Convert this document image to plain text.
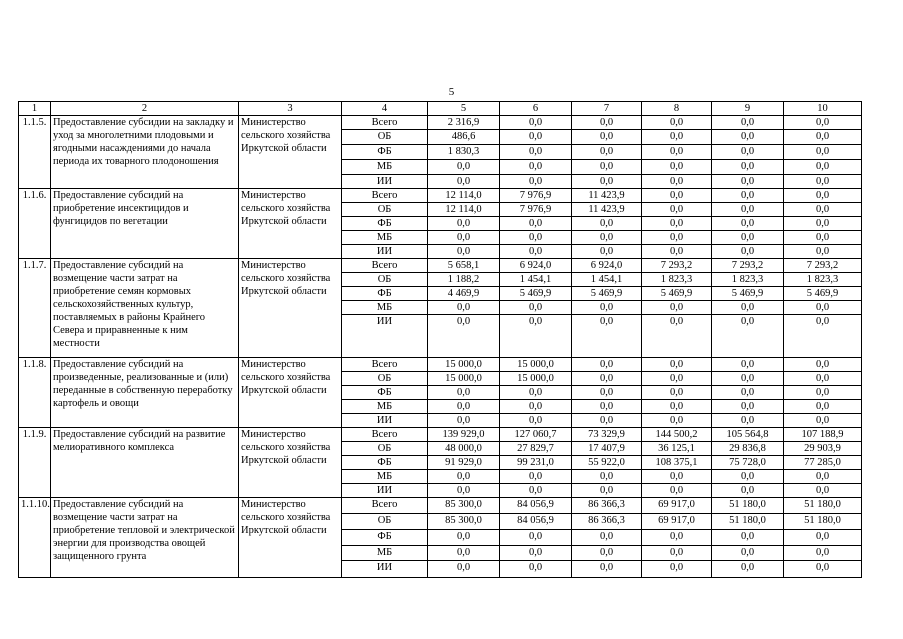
5
1	2	3	4	5	6	7	8	9	10
1.1.5.	Предоставление субсидии на закладку и уход за многолетними плодовыми и ягодными насаждениями до начала периода их товарного плодоношения	Министерство сельского хозяйства Иркутской области	Всего	2 316,9	0,0	0,0	0,0	0,0	0,0
			ОБ	486,6	0,0	0,0	0,0	0,0	0,0
			ФБ	1 830,3	0,0	0,0	0,0	0,0	0,0
			МБ	0,0	0,0	0,0	0,0	0,0	0,0
			ИИ	0,0	0,0	0,0	0,0	0,0	0,0
1.1.6.	Предоставление субсидий на приобретение инсектицидов и фунгицидов по вегетации	Министерство сельского хозяйства Иркутской области	Всего	12 114,0	7 976,9	11 423,9	0,0	0,0	0,0
			ОБ	12 114,0	7 976,9	11 423,9	0,0	0,0	0,0
			ФБ	0,0	0,0	0,0	0,0	0,0	0,0
			МБ	0,0	0,0	0,0	0,0	0,0	0,0
			ИИ	0,0	0,0	0,0	0,0	0,0	0,0
1.1.7.	Предоставление субсидий на возмещение части затрат на приобретение семян кормовых сельскохозяйственных культур, поставляемых в районы Крайнего Севера и приравненные к ним местности	Министерство сельского хозяйства Иркутской области	Всего	5 658,1	6 924,0	6 924,0	7 293,2	7 293,2	7 293,2
			ОБ	1 188,2	1 454,1	1 454,1	1 823,3	1 823,3	1 823,3
			ФБ	4 469,9	5 469,9	5 469,9	5 469,9	5 469,9	5 469,9
			МБ	0,0	0,0	0,0	0,0	0,0	0,0
			ИИ	0,0	0,0	0,0	0,0	0,0	0,0
1.1.8.	Предоставление субсидий на произведенные, реализованные и (или) переданные в собственную переработку картофель и овощи	Министерство сельского хозяйства Иркутской области	Всего	15 000,0	15 000,0	0,0	0,0	0,0	0,0
			ОБ	15 000,0	15 000,0	0,0	0,0	0,0	0,0
			ФБ	0,0	0,0	0,0	0,0	0,0	0,0
			МБ	0,0	0,0	0,0	0,0	0,0	0,0
			ИИ	0,0	0,0	0,0	0,0	0,0	0,0
1.1.9.	Предоставление субсидий на развитие мелиоративного комплекса	Министерство сельского хозяйства Иркутской области	Всего	139 929,0	127 060,7	73 329,9	144 500,2	105 564,8	107 188,9
			ОБ	48 000,0	27 829,7	17 407,9	36 125,1	29 836,8	29 903,9
			ФБ	91 929,0	99 231,0	55 922,0	108 375,1	75 728,0	77 285,0
			МБ	0,0	0,0	0,0	0,0	0,0	0,0
			ИИ	0,0	0,0	0,0	0,0	0,0	0,0
1.1.10.	Предоставление субсидий на возмещение части затрат на приобретение тепловой и электрической энергии для производства овощей защищенного грунта	Министерство сельского хозяйства Иркутской области	Всего	85 300,0	84 056,9	86 366,3	69 917,0	51 180,0	51 180,0
			ОБ	85 300,0	84 056,9	86 366,3	69 917,0	51 180,0	51 180,0
			ФБ	0,0	0,0	0,0	0,0	0,0	0,0
			МБ	0,0	0,0	0,0	0,0	0,0	0,0
			ИИ	0,0	0,0	0,0	0,0	0,0	0,0
